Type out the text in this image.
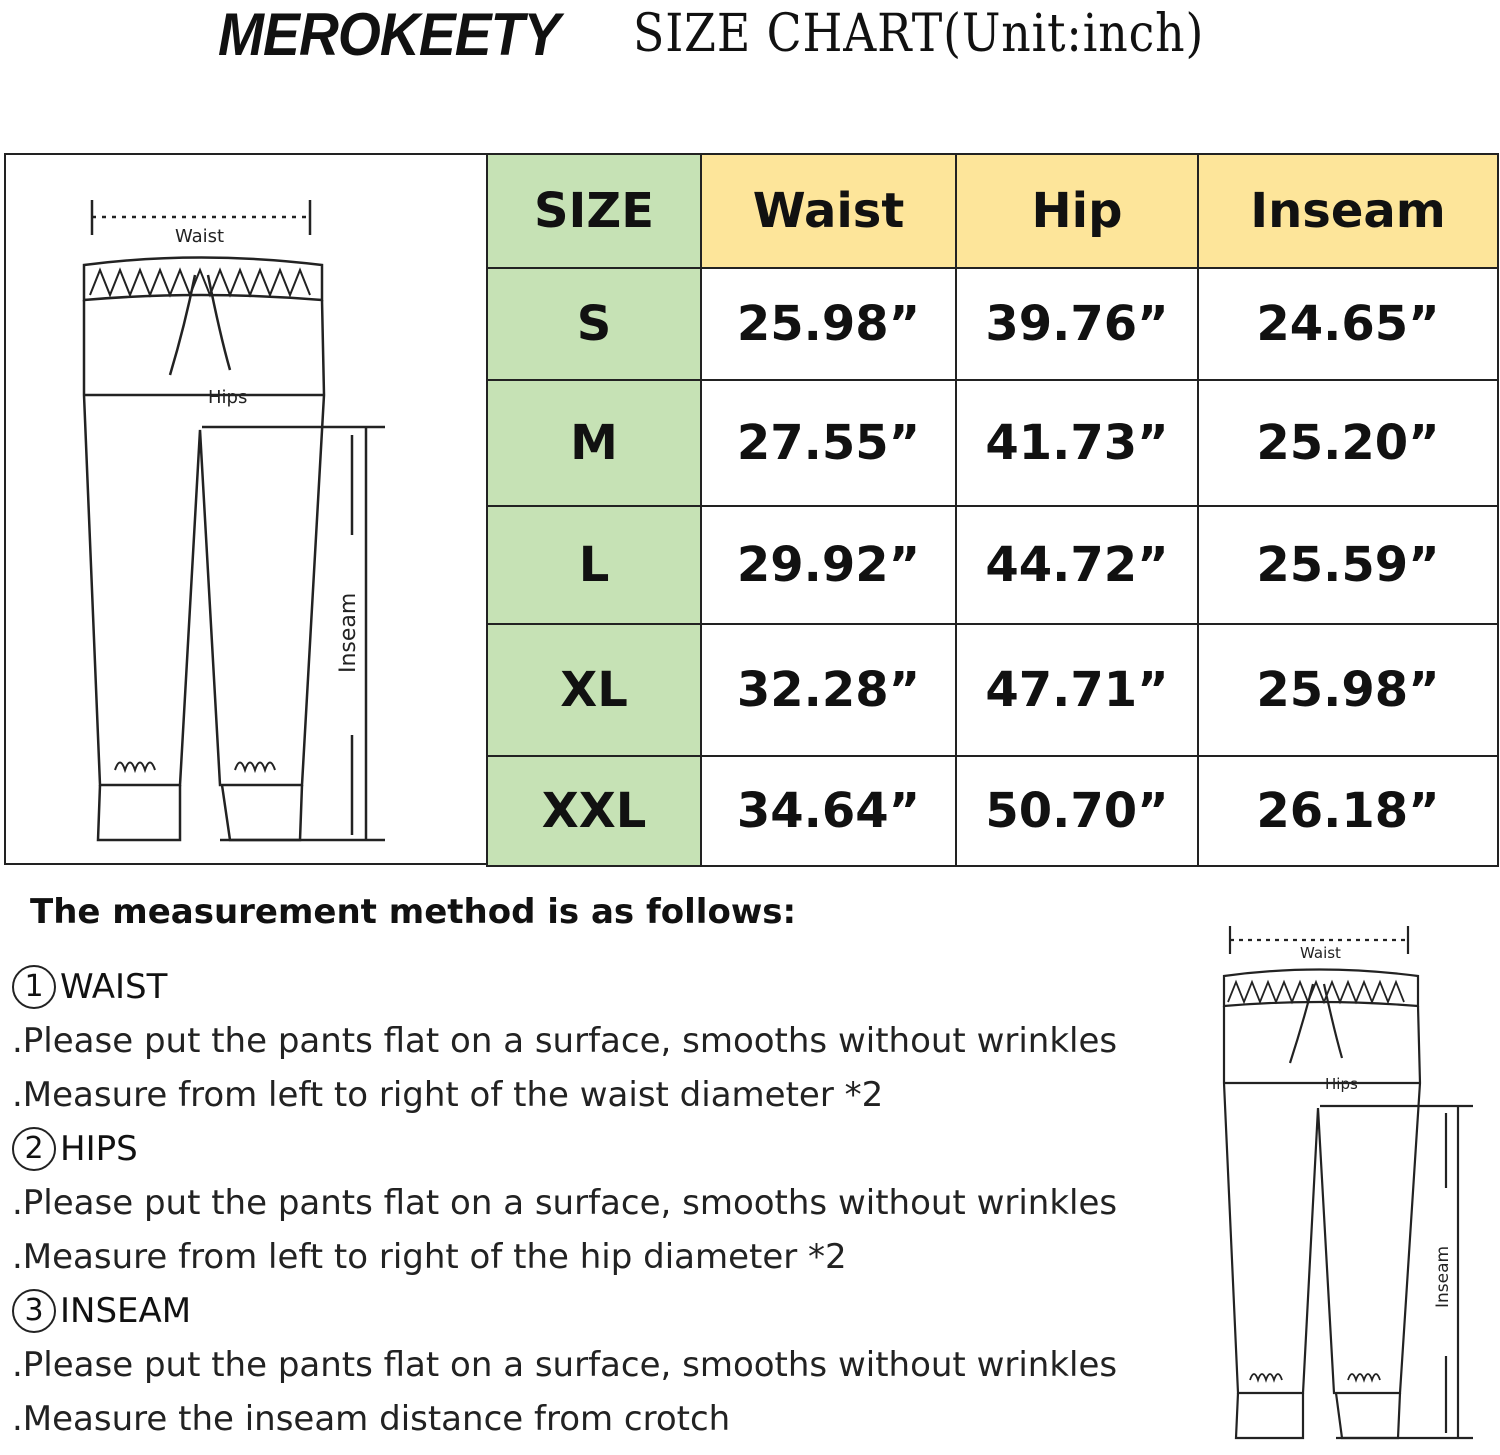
MEROKEETY SIZE CHART(Unit:inch)
Waist
Hips
Inseam
SIZE	Waist	Hip	Inseam
S	25.98”	39.76”	24.65”
M	27.55”	41.73”	25.20”
L	29.92”	44.72”	25.59”
XL	32.28”	47.71”	25.98”
XXL	34.64”	50.70”	26.18”
The measurement method is as follows:
1 WAIST
.Please put the pants flat on a surface, smooths without wrinkles
.Measure from left to right of the waist diameter *2
2 HIPS
.Please put the pants flat on a surface, smooths without wrinkles
.Measure from left to right of the hip diameter *2
3 INSEAM
.Please put the pants flat on a surface, smooths without wrinkles
.Measure the inseam distance from crotch
Waist
Hips
Inseam
